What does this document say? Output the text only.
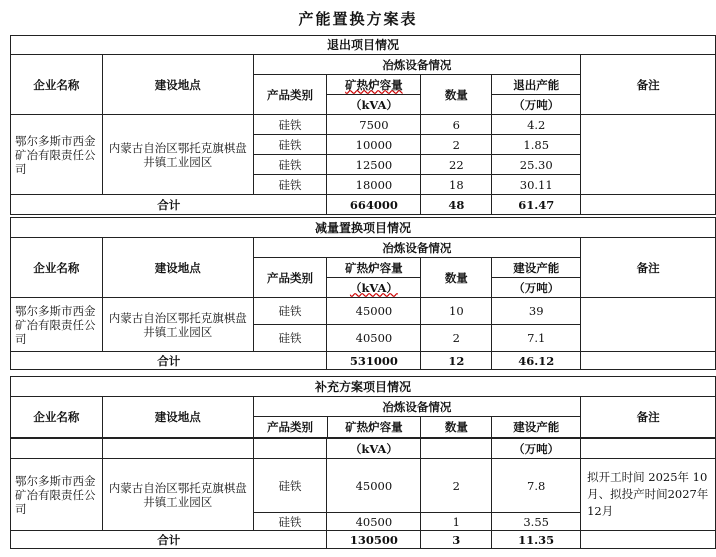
产能置换方案表
退出项目情况						
企业名称	建设地点	冶炼设备情况				备注
		产品类别	矿热炉容量	数量	退出产能	
			（kVA）		（万吨）	
鄂尔多斯市西金矿冶有限责任公司	内蒙古自治区鄂托克旗棋盘井镇工业园区	硅铁	7500	6	4.2	
		硅铁	10000	2	1.85	
		硅铁	12500	22	25.30	
		硅铁	18000	18	30.11	
合计			664000	48	61.47	
减量置换项目情况						
企业名称	建设地点	冶炼设备情况				备注
		产品类别	矿热炉容量	数量	建设产能	
			（kVA）		（万吨）	
鄂尔多斯市西金矿冶有限责任公司	内蒙古自治区鄂托克旗棋盘井镇工业园区	硅铁	45000	10	39	
		硅铁	40500	2	7.1	
合计			531000	12	46.12	
补充方案项目情况						
企业名称	建设地点	冶炼设备情况				备注
		产品类别	矿热炉容量	数量	建设产能	
			（kVA）		（万吨）	
鄂尔多斯市西金矿冶有限责任公司	内蒙古自治区鄂托克旗棋盘井镇工业园区	硅铁	45000	2	7.8	拟开工时间 2025年 10月、拟投产时间2027年12月
		硅铁	40500	1	3.55	
合计			130500	3	11.35	
